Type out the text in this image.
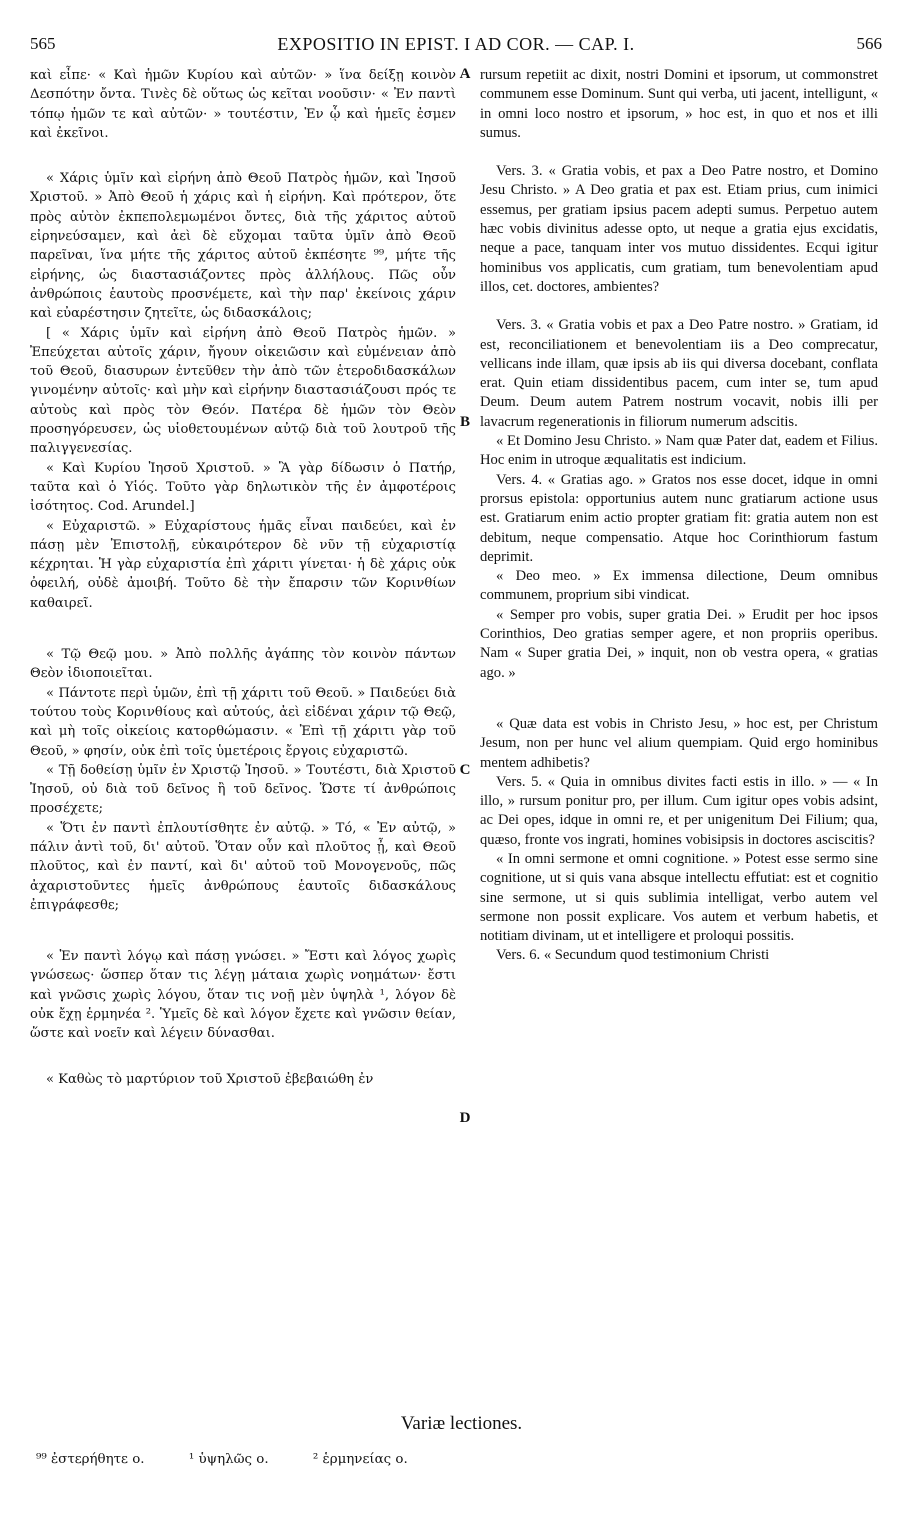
565	EXPOSITIO IN EPIST. I AD COR. — CAP. I.	566
A
B
C
D

καὶ εἶπε· « Καὶ ἡμῶν Κυρίου καὶ αὐτῶν· » ἵνα δείξῃ κοινὸν Δεσπότην ὄντα. Τινὲς δὲ οὕτως ὡς κεῖται νοοῦσιν· « Ἐν παντὶ τόπῳ ἡμῶν τε καὶ αὐτῶν· » τουτέστιν, Ἐν ᾧ καὶ ἡμεῖς ἐσμεν καὶ ἐκεῖνοι.

« Χάρις ὑμῖν καὶ εἰρήνη ἀπὸ Θεοῦ Πατρὸς ἡμῶν, καὶ Ἰησοῦ Χριστοῦ. » Ἀπὸ Θεοῦ ἡ χάρις καὶ ἡ εἰρήνη. Καὶ πρότερον, ὅτε πρὸς αὐτὸν ἐκπεπολεμωμένοι ὄντες, διὰ τῆς χάριτος αὐτοῦ εἰρηνεύσαμεν, καὶ ἀεὶ δὲ εὔχομαι ταῦτα ὑμῖν ἀπὸ Θεοῦ παρεῖναι, ἵνα μήτε τῆς χάριτος αὐτοῦ ἐκπέσητε ⁹⁹, μήτε τῆς εἰρήνης, ὡς διαστασιάζοντες πρὸς ἀλλήλους. Πῶς οὖν ἀνθρώποις ἑαυτοὺς προσνέμετε, καὶ τὴν παρ' ἐκείνοις χάριν καὶ εὐαρέστησιν ζητεῖτε, ὡς διδασκάλοις;

[ « Χάρις ὑμῖν καὶ εἰρήνη ἀπὸ Θεοῦ Πατρὸς ἡμῶν. » Ἐπεύχεται αὐτοῖς χάριν, ἤγουν οἰκειῶσιν καὶ εὐμένειαν ἀπὸ τοῦ Θεοῦ, διασυρων ἐντεῦθεν τὴν ἀπὸ τῶν ἑτεροδιδασκάλων γινομένην αὐτοῖς· καὶ μὴν καὶ εἰρήνην διαστασιάζουσι πρός τε αὐτοὺς καὶ πρὸς τὸν Θεόν. Πατέρα δὲ ἡμῶν τὸν Θεὸν προσηγόρευσεν, ὡς υἱοθετουμένων αὐτῷ διὰ τοῦ λουτροῦ τῆς παλιγγενεσίας.

« Καὶ Κυρίου Ἰησοῦ Χριστοῦ. » Ἃ γὰρ δίδωσιν ὁ Πατήρ, ταῦτα καὶ ὁ Υἱός. Τοῦτο γὰρ δηλωτικὸν τῆς ἐν ἀμφοτέροις ἰσότητος. Cod. Arundel.]

« Εὐχαριστῶ. » Εὐχαρίστους ἡμᾶς εἶναι παιδεύει, καὶ ἐν πάσῃ μὲν Ἐπιστολῇ, εὐκαιρότερον δὲ νῦν τῇ εὐχαριστίᾳ κέχρηται. Ἡ γὰρ εὐχαριστία ἐπὶ χάριτι γίνεται· ἡ δὲ χάρις οὐκ ὀφειλή, οὐδὲ ἀμοιβή. Τοῦτο δὲ τὴν ἔπαρσιν τῶν Κορινθίων καθαιρεῖ.

« Τῷ Θεῷ μου. » Ἀπὸ πολλῆς ἀγάπης τὸν κοινὸν πάντων Θεὸν ἰδιοποιεῖται.

« Πάντοτε περὶ ὑμῶν, ἐπὶ τῇ χάριτι τοῦ Θεοῦ. » Παιδεύει διὰ τούτου τοὺς Κορινθίους καὶ αὐτούς, ἀεὶ εἰδέναι χάριν τῷ Θεῷ, καὶ μὴ τοῖς οἰκείοις κατορθώμασιν. « Ἐπὶ τῇ χάριτι γὰρ τοῦ Θεοῦ, » φησίν, οὐκ ἐπὶ τοῖς ὑμετέροις ἔργοις εὐχαριστῶ.

« Τῇ δοθείσῃ ὑμῖν ἐν Χριστῷ Ἰησοῦ. » Τουτέστι, διὰ Χριστοῦ Ἰησοῦ, οὐ διὰ τοῦ δεῖνος ἢ τοῦ δεῖνος. Ὥστε τί ἀνθρώποις προσέχετε;

« Ὅτι ἐν παντὶ ἐπλουτίσθητε ἐν αὐτῷ. » Τό, « Ἐν αὐτῷ, » πάλιν ἀντὶ τοῦ, δι' αὐτοῦ. Ὅταν οὖν καὶ πλοῦτος ᾖ, καὶ Θεοῦ πλοῦτος, καὶ ἐν παντί, καὶ δι' αὐτοῦ τοῦ Μονογενοῦς, πῶς ἀχαριστοῦντες ἡμεῖς ἀνθρώπους ἑαυτοῖς διδασκάλους ἐπιγράφεσθε;

« Ἐν παντὶ λόγῳ καὶ πάσῃ γνώσει. » Ἔστι καὶ λόγος χωρὶς γνώσεως· ὥσπερ ὅταν τις λέγῃ μάταια χωρὶς νοημάτων· ἔστι καὶ γνῶσις χωρὶς λόγου, ὅταν τις νοῇ μὲν ὑψηλὰ ¹, λόγον δὲ οὐκ ἔχῃ ἑρμηνέα ². Ὑμεῖς δὲ καὶ λόγον ἔχετε καὶ γνῶσιν θείαν, ὥστε καὶ νοεῖν καὶ λέγειν δύνασθαι.

« Καθὼς τὸ μαρτύριον τοῦ Χριστοῦ ἐβεβαιώθη ἐν

rursum repetiit ac dixit, nostri Domini et ipsorum, ut commonstret communem esse Dominum. Sunt qui verba, uti jacent, intelligunt, « in omni loco nostro et ipsorum, » hoc est, in quo et nos et illi sumus.

Vers. 3. « Gratia vobis, et pax a Deo Patre nostro, et Domino Jesu Christo. » A Deo gratia et pax est. Etiam prius, cum inimici essemus, per gratiam ipsius pacem adepti sumus. Perpetuo autem hæc vobis divinitus adesse opto, ut neque a gratia ejus excidatis, neque a pace, tanquam inter vos mutuo dissidentes. Ecqui igitur hominibus vos applicatis, cum gratiam, tum benevolentiam apud illos, cet. doctores, ambientes?

Vers. 3. « Gratia vobis et pax a Deo Patre nostro. » Gratiam, id est, reconciliationem et benevolentiam iis a Deo comprecatur, vellicans inde illam, quæ ipsis ab iis qui diversa docebant, conflata erat. Quin etiam dissidentibus pacem, cum inter se, tum apud Deum. Deum autem Patrem nostrum vocavit, nobis illi per lavacrum regenerationis in filiorum numerum adscitis.

« Et Domino Jesu Christo. » Nam quæ Pater dat, eadem et Filius. Hoc enim in utroque æqualitatis est indicium.

Vers. 4. « Gratias ago. » Gratos nos esse docet, idque in omni prorsus epistola: opportunius autem nunc gratiarum actione usus est. Gratiarum enim actio propter gratiam fit: gratia autem non est debitum, neque compensatio. Atque hoc Corinthiorum fastum deprimit.

« Deo meo. » Ex immensa dilectione, Deum omnibus communem, proprium sibi vindicat.

« Semper pro vobis, super gratia Dei. » Erudit per hoc ipsos Corinthios, Deo gratias semper agere, et non propriis operibus. Nam « Super gratia Dei, » inquit, non ob vestra opera, « gratias ago. »

« Quæ data est vobis in Christo Jesu, » hoc est, per Christum Jesum, non per hunc vel alium quempiam. Quid ergo hominibus mentem adhibetis?

Vers. 5. « Quia in omnibus divites facti estis in illo. » — « In illo, » rursum ponitur pro, per illum. Cum igitur opes vobis adsint, ac Dei opes, idque in omni re, et per unigenitum Dei Filium; qua, quæso, fronte vos ingrati, homines vobisipsis in doctores asciscitis?

« In omni sermone et omni cognitione. » Potest esse sermo sine cognitione, ut si quis vana absque intellectu effutiat: est et cognitio sine sermone, ut si quis sublimia intelligat, verbo autem vel sermone non possit explicare. Vos autem et verbum habetis, et notitiam divinam, ut et intelligere et proloqui possitis.

Vers. 6. « Secundum quod testimonium Christi

Variæ lectiones.
⁹⁹ ἐστερήθητε ο.	¹ ὑψηλῶς ο.	² ἑρμηνείας ο.
